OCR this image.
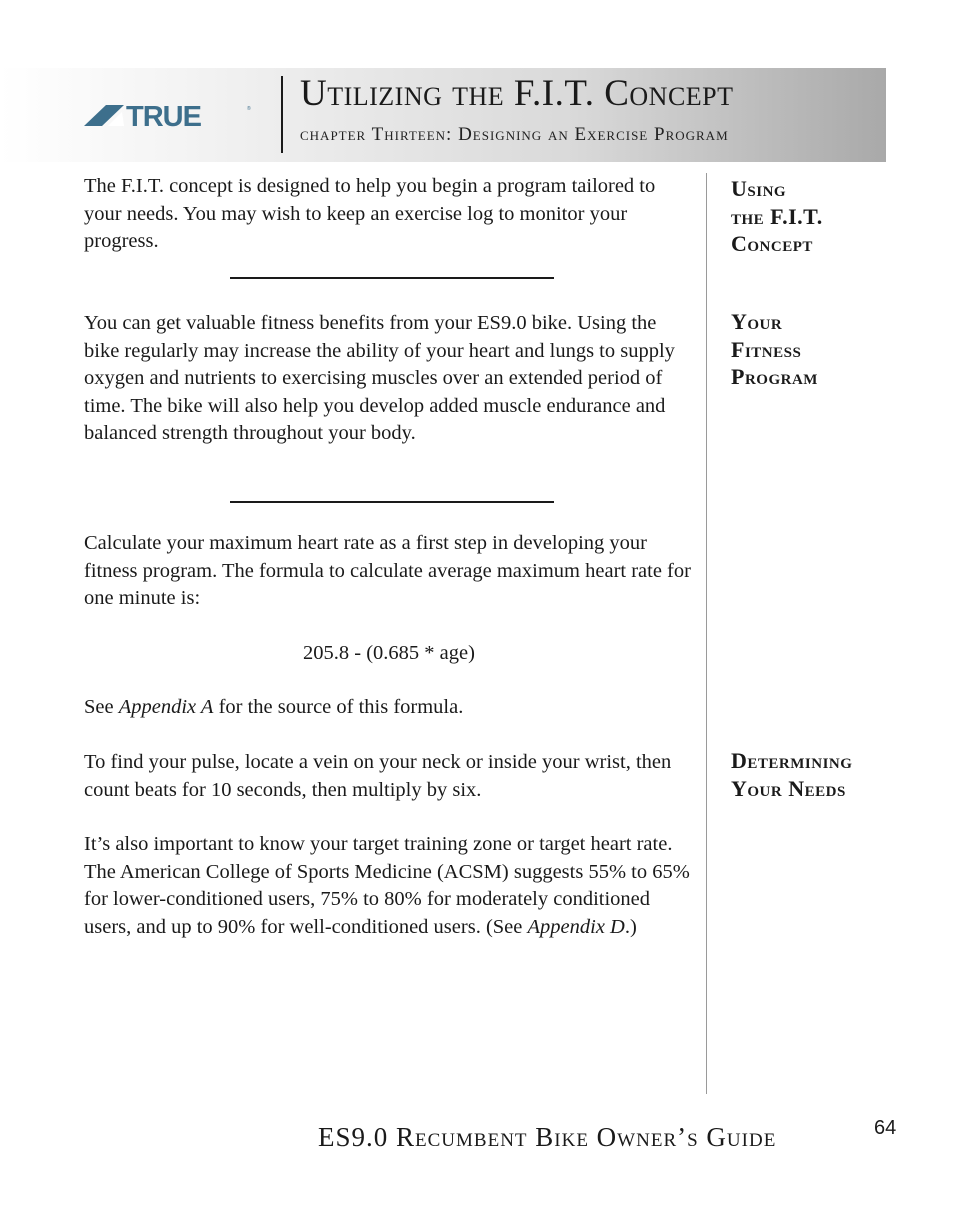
TRUE	® Utilizing the F.I.T. Concept
chapter Thirteen: Designing an Exercise Program

The F.I.T. concept is designed to help you begin a program tailored to your needs. You may wish to keep an exercise log to monitor your progress.

You can get valuable fitness benefits from your ES9.0 bike. Using the bike regularly may increase the ability of your heart and lungs to supply oxygen and nutrients to exercising muscles over an extended period of time. The bike will also help you develop added muscle endurance and balanced strength throughout your body.

Calculate your maximum heart rate as a first step in developing your fitness program. The formula to calculate average maximum heart rate for one minute is:

205.8 - (0.685 * age)

See Appendix A for the source of this formula.

To find your pulse, locate a vein on your neck or inside your wrist, then count beats for 10 seconds, then multiply by six.

It’s also important to know your target training zone or target heart rate. The American College of Sports Medicine (ACSM) suggests 55% to 65% for lower-conditioned users, 75% to 80% for moderately conditioned users, and up to 90% for well-conditioned users. (See Appendix D.)

Using
the F.I.T.
Concept
Your
Fitness
Program
Determining
Your Needs
ES9.0 Recumbent Bike Owner’s Guide	64
